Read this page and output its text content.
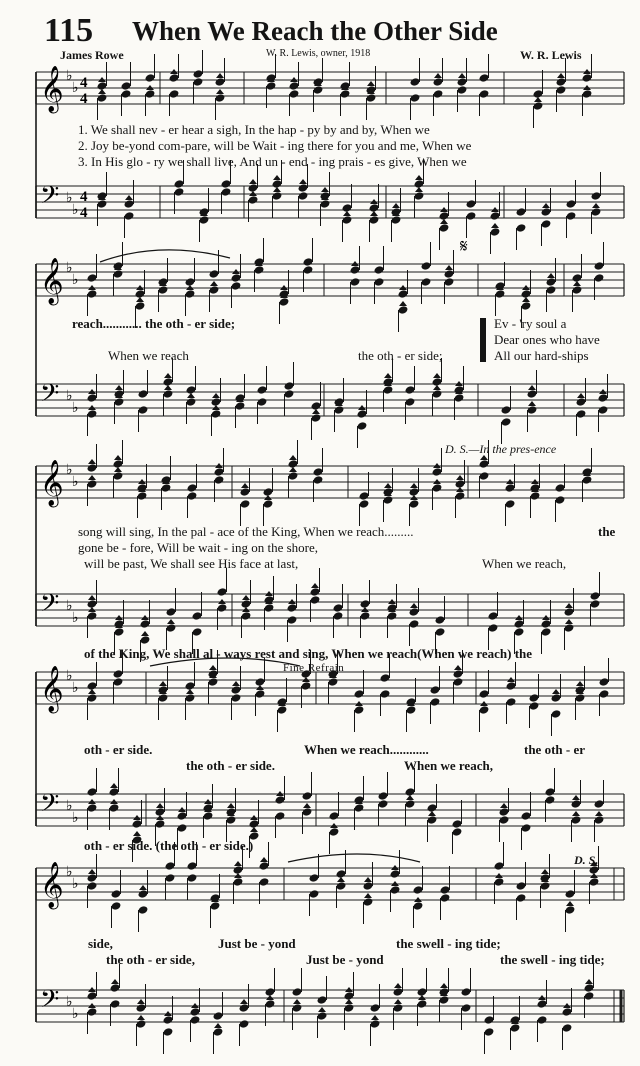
115 When We Reach the Other Side
James Rowe	W. R. Lewis, owner, 1918	W. R. Lewis
𝄞 ♭
♭ 4
4
𝄢 ♭
♭
4
4
𝄞 ♭
♭
𝄢 ♭
♭
𝄞 ♭
♭
𝄢 ♭
♭
𝄞 ♭
♭
𝄢 ♭
♭
𝄞 ♭
♭
𝄢 ♭
♭
𝄋
1. We shall nev - er hear a sigh, In the hap - py by and by, When we
2. Joy be-yond com-pare, will be Wait - ing there for you and me, When we
3. In His glo - ry we shall live, And un - end - ing prais - es give, When we
reach............ the oth - er side;	Ev - 'ry soul a
Dear ones who have
All our hard-ships
When we reach	the oth - er side;
D. S.—In the pres-ence
song will sing, In the pal - ace of the King, When we reach.........	the
gone be - fore, Will be wait - ing on the shore,
will be past, We shall see His face at last,	When we reach,
of the King, We shall al - ways rest and sing, When we reach(When we reach) the
Fine Refrain
oth - er side.	When we reach............	the oth - er
the oth - er side.	When we reach,
oth - er side. (the oth - er side.)
D. S.
side,	Just be - yond	the swell - ing tide;
the oth - er side,	Just be - yond	the swell - ing tide;
